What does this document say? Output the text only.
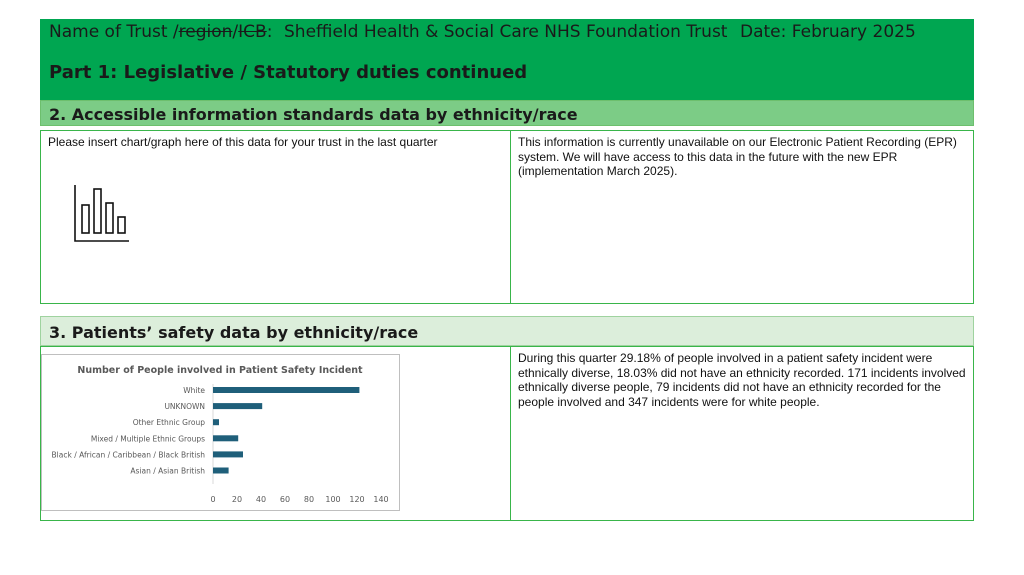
Name of Trust /region/ICB: Sheffield Health & Social Care NHS Foundation Trust Date: February 2025
Part 1: Legislative / Statutory duties continued
2. Accessible information standards data by ethnicity/race
Please insert chart/graph here of this data for your trust in the last quarter	This information is currently unavailable on our Electronic Patient Recording (EPR) system. We will have access to this data in the future with the new EPR (implementation March 2025).
3. Patients’ safety data by ethnicity/race
Number of People involved in Patient Safety Incident
White
UNKNOWN
Other Ethnic Group
Mixed / Multiple Ethnic Groups
Black / African / Caribbean / Black British
Asian / Asian British
0 20 40 60 80 100 120 140
During this quarter 29.18% of people involved in a patient safety incident were ethnically diverse, 18.03% did not have an ethnicity recorded. 171 incidents involved ethnically diverse people, 79 incidents did not have an ethnicity recorded for the people involved and 347 incidents were for white people.
